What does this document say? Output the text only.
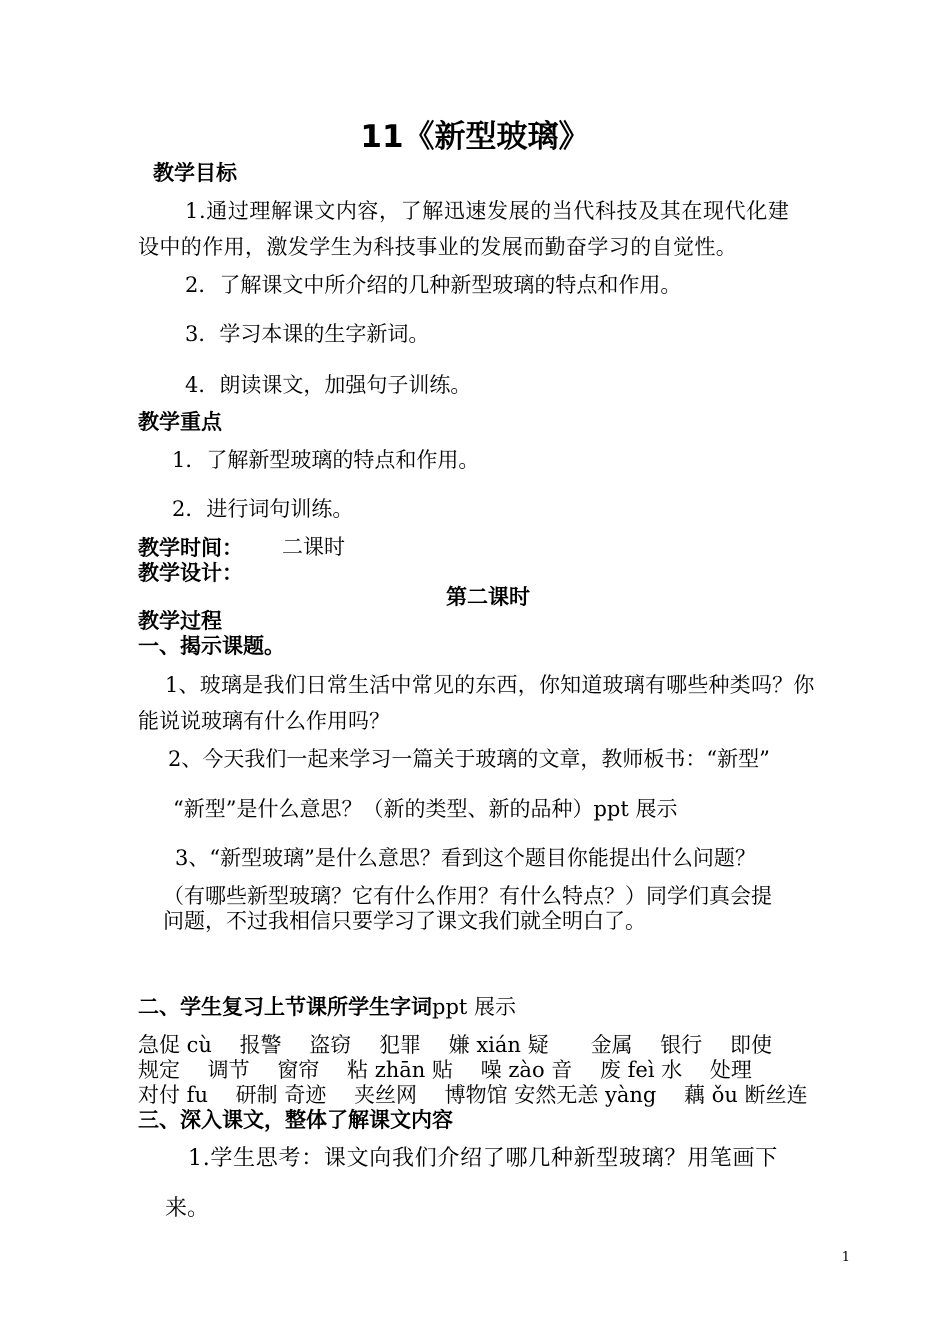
11《新型玻璃》
教学目标
1.通过理解课文内容，了解迅速发展的当代科技及其在现代化建
设中的作用，激发学生为科技事业的发展而勤奋学习的自觉性。
2．了解课文中所介绍的几种新型玻璃的特点和作用。
3．学习本课的生字新词。
4．朗读课文，加强句子训练。
教学重点
1．了解新型玻璃的特点和作用。
2．进行词句训练。
教学时间： 二课时
教学设计：
第二课时
教学过程
一、揭示课题。
1、玻璃是我们日常生活中常见的东西，你知道玻璃有哪些种类吗？你
能说说玻璃有什么作用吗？
2、今天我们一起来学习一篇关于玻璃的文章，教师板书：“新型”
“新型”是什么意思？（新的类型、新的品种）ppt 展示
3、“新型玻璃”是什么意思？看到这个题目你能提出什么问题？
（有哪些新型玻璃？它有什么作用？有什么特点？）同学们真会提
问题，不过我相信只要学习了课文我们就全明白了。
二、学生复习上节课所学生字词ppt 展示
急促 cù　 报警　 盗窃　 犯罪　 嫌 xián 疑　　金属　 银行　 即使
规定　 调节　 窗帘　 粘 zhān 贴　 噪 zào 音　 废 feì 水　 处理
对付 fu　 研制 奇迹　 夹丝网　 博物馆 安然无恙 yàng　 藕 ǒu 断丝连
三、深入课文，整体了解课文内容
1.学生思考：课文向我们介绍了哪几种新型玻璃？用笔画下
来。
1
